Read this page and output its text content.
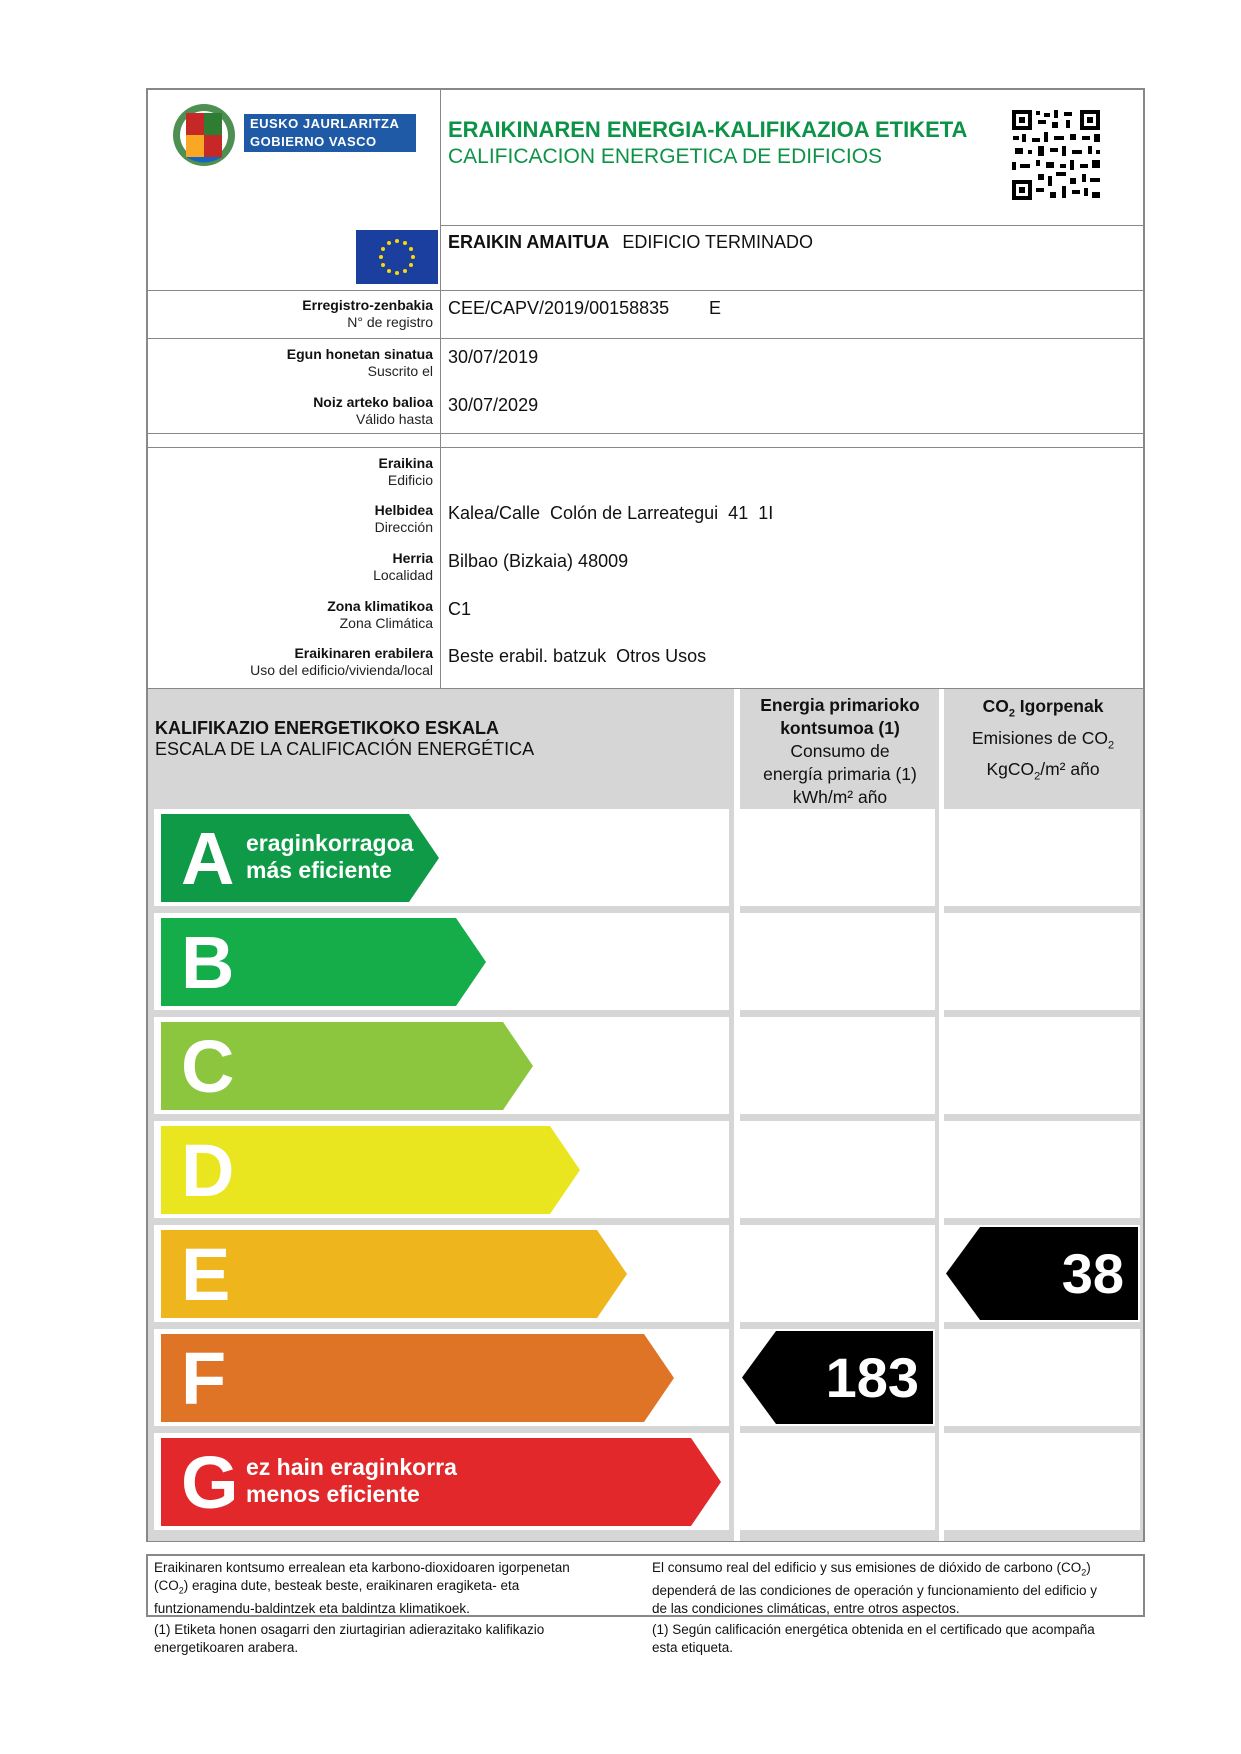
EUSKO JAURLARITZA
GOBIERNO VASCO	ERAIKINAREN ENERGIA-KALIFIKAZIOA ETIKETA
CALIFICACION ENERGETICA DE EDIFICIOS
ERAIKIN AMAITUA EDIFICIO TERMINADO
Erregistro-zenbakia
N° de registro
CEE/CAPV/2019/00158835 E
Egun honetan sinatua
Suscrito el
30/07/2019
Noiz arteko balioa
Válido hasta
30/07/2029
Eraikina
Edificio
Helbidea
Dirección
Kalea/Calle  Colón de Larreategui  41  1I
Herria
Localidad
Bilbao (Bizkaia) 48009
Zona klimatikoa
Zona Climática
C1
Eraikinaren erabilera
Uso del edificio/vivienda/local
Beste erabil. batzuk  Otros Usos
KALIFIKAZIO ENERGETIKOKO ESKALA
ESCALA DE LA CALIFICACIÓN ENERGÉTICA
Energia primarioko
kontsumoa (1)
Consumo de
energía primaria (1)
kWh/m² año
$CO_2$ Igorpenak
Emisiones de $CO_2$
KgCO$_2$/m² año
A eraginkorragoa
más eficiente
B
C
D
E
F
G ez hain eraginkorra
menos eficiente
183
38
Eraikinaren kontsumo errealean eta karbono-dioxidoaren igorpenetan
$(CO_2)$ eragina dute, besteak beste, eraikinaren eragiketa- eta
funtzionamendu-baldintzek eta baldintza klimatikoek.
El consumo real del edificio y sus emisiones de dióxido de carbono $(CO_2)$
dependerá de las condiciones de operación y funcionamiento del edificio y
de las condiciones climáticas, entre otros aspectos.
(1) Etiketa honen osagarri den ziurtagirian adierazitako kalifikazio
energetikoaren arabera.
(1) Según calificación energética obtenida en el certificado que acompaña
esta etiqueta.
